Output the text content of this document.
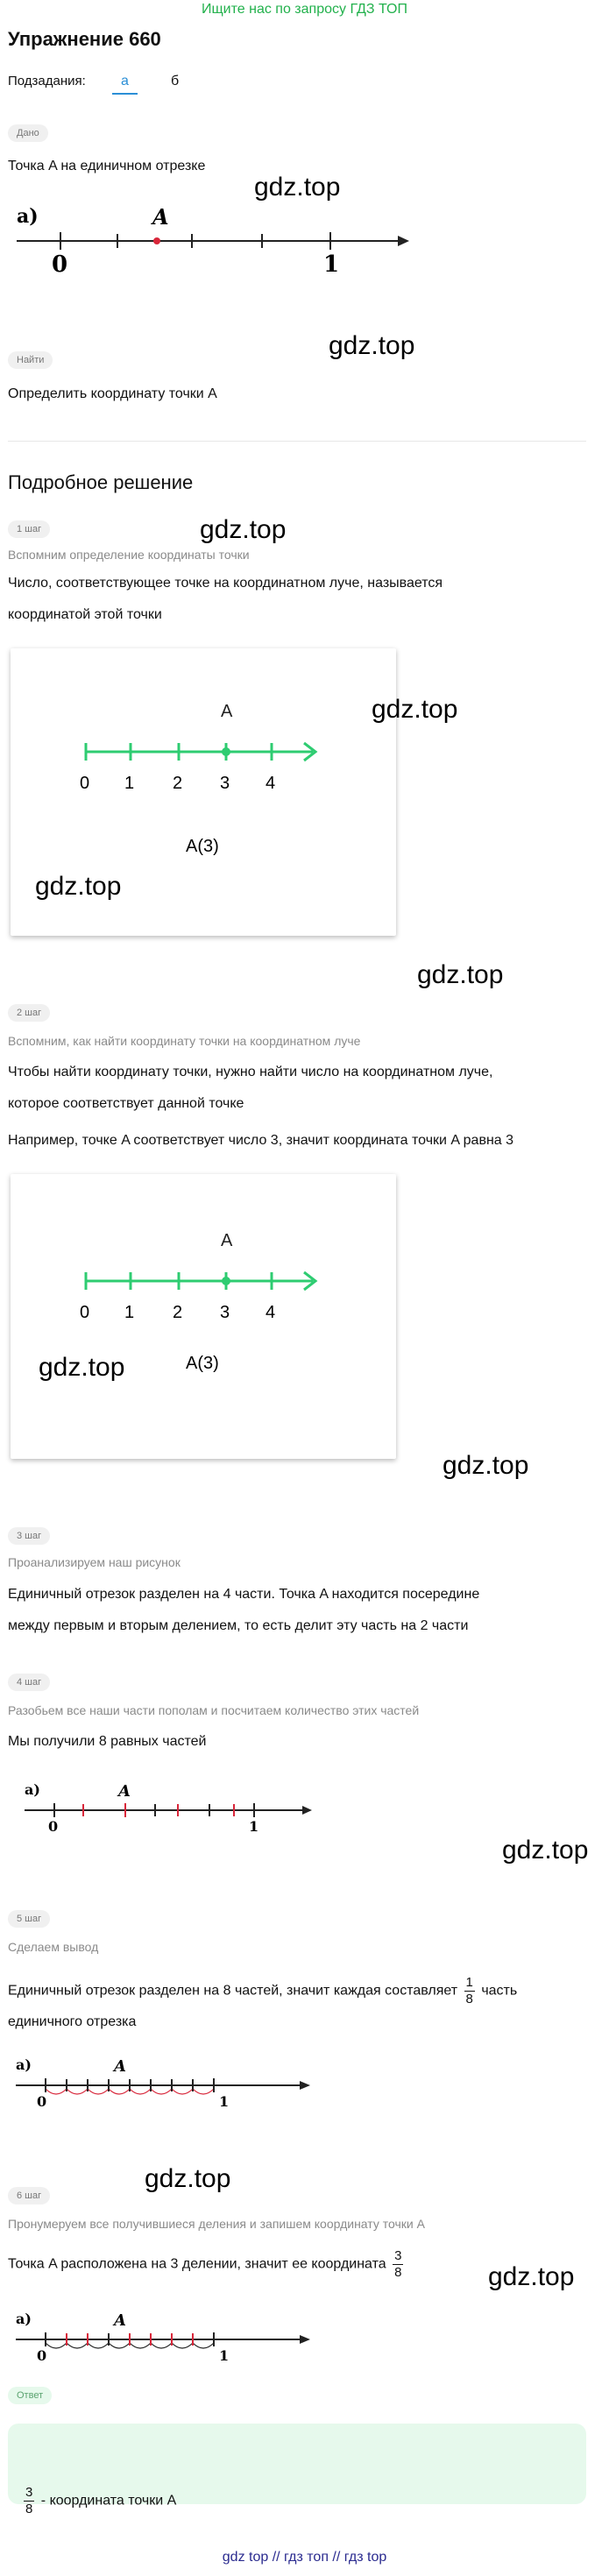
Ищите нас по запросу ГДЗ ТОП
Упражнение 660
Подзадания:	а	б
Дано
Точка A на единичном отрезке
gdz.top
а)	A
0	1
Найти	gdz.top
Определить координату точки A
Подробное решение
1 шаг	gdz.top
Вспомним определение координаты точки
Число, соответствующее точке на координатном луче, называется
координатой этой точки
A
0 1 2 3 4
A(3)
gdz.top
gdz.top
gdz.top
2 шаг
Вспомним, как найти координату точки на координатном луче
Чтобы найти координату точки, нужно найти число на координатном луче,
которое соответствует данной точке
Например, точке A соответствует число 3, значит координата точки A равна 3
A
0 1 2 3 4
A(3)
gdz.top
gdz.top
3 шаг
Проанализируем наш рисунок
Единичный отрезок разделен на 4 части. Точка A находится посередине
между первым и вторым делением, то есть делит эту часть на 2 части
4 шаг
Разобьем все наши части пополам и посчитаем количество этих частей
Мы получили 8 равных частей
а)	A
0	1
gdz.top
5 шаг
Сделаем вывод
Единичный отрезок разделен на 8 частей, значит каждая составляет $\frac{1}{8}$ часть
единичного отрезка
а)	A
0	1
gdz.top
6 шаг
Пронумеруем все получившиеся деления и запишем координату точки A
Точка A расположена на 3 делении, значит ее координата $\frac{3}{8}$	gdz.top
а)	A
0	1
Ответ
$\frac{3}{8}$ - координата точки A
gdz top // гдз топ // гдз top
